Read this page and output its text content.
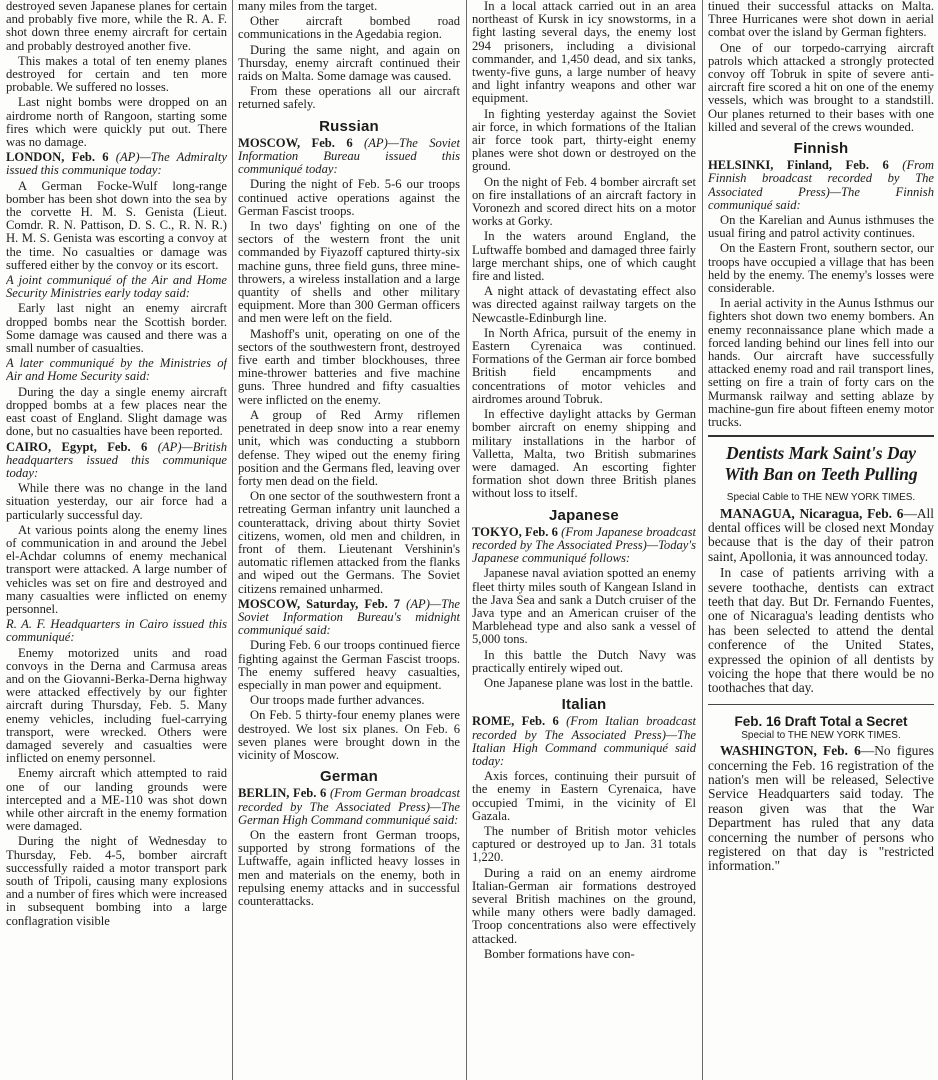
destroyed seven Japanese planes for certain and probably five more, while the R. A. F. shot down three enemy aircraft for certain and probably destroyed another five.

This makes a total of ten enemy planes destroyed for certain and ten more probable. We suffered no losses.

Last night bombs were dropped on an airdrome north of Rangoon, starting some fires which were quickly put out. There was no damage.

LONDON, Feb. 6 (AP)—The Admiralty issued this communique today:

A German Focke-Wulf long-range bomber has been shot down into the sea by the corvette H. M. S. Genista (Lieut. Comdr. R. N. Pattison, D. S. C., R. N. R.) H. M. S. Genista was escorting a convoy at the time. No casualties or damage was suffered either by the convoy or its escort.

A joint communiqué of the Air and Home Security Ministries early today said:

Early last night an enemy aircraft dropped bombs near the Scottish border. Some damage was caused and there was a small number of casualties.

A later communiqué by the Ministries of Air and Home Security said:

During the day a single enemy aircraft dropped bombs at a few places near the east coast of England. Slight damage was done, but no casualties have been reported.

CAIRO, Egypt, Feb. 6 (AP)—British headquarters issued this communique today:

While there was no change in the land situation yesterday, our air force had a particularly successful day.

At various points along the enemy lines of communication in and around the Jebel el-Achdar columns of enemy mechanical transport were attacked. A large number of vehicles was set on fire and destroyed and many casualties were inflicted on enemy personnel.

R. A. F. Headquarters in Cairo issued this communiqué:

Enemy motorized units and road convoys in the Derna and Carmusa areas and on the Giovanni-Berka-Derna highway were attacked effectively by our fighter aircraft during Thursday, Feb. 5. Many enemy vehicles, including fuel-carrying transport, were wrecked. Others were damaged severely and casualties were inflicted on enemy personnel.

Enemy aircraft which attempted to raid one of our landing grounds were intercepted and a ME-110 was shot down while other aircraft in the enemy formation were damaged.

During the night of Wednesday to Thursday, Feb. 4-5, bomber aircraft successfully raided a motor transport park south of Tripoli, causing many explosions and a number of fires which were increased in subsequent bombing into a large conflagration visible

many miles from the target.

Other aircraft bombed road communications in the Agedabia region.

During the same night, and again on Thursday, enemy aircraft continued their raids on Malta. Some damage was caused.

From these operations all our aircraft returned safely.

Russian

MOSCOW, Feb. 6 (AP)—The Soviet Information Bureau issued this communiqué today:

During the night of Feb. 5-6 our troops continued active operations against the German Fascist troops.

In two days' fighting on one of the sectors of the western front the unit commanded by Fiyazoff captured thirty-six machine guns, three field guns, three mine-throwers, a wireless installation and a large quantity of shells and other military equipment. More than 300 German officers and men were left on the field.

Mashoff's unit, operating on one of the sectors of the southwestern front, destroyed five earth and timber blockhouses, three mine-thrower batteries and five machine guns. Three hundred and fifty casualties were inflicted on the enemy.

A group of Red Army riflemen penetrated in deep snow into a rear enemy unit, which was conducting a stubborn defense. They wiped out the enemy firing position and the Germans fled, leaving over forty men dead on the field.

On one sector of the southwestern front a retreating German infantry unit launched a counterattack, driving about thirty Soviet citizens, women, old men and children, in front of them. Lieutenant Vershinin's automatic riflemen attacked from the flanks and wiped out the Germans. The Soviet citizens remained unharmed.

MOSCOW, Saturday, Feb. 7 (AP)—The Soviet Information Bureau's midnight communiqué said:

During Feb. 6 our troops continued fierce fighting against the German Fascist troops. The enemy suffered heavy casualties, especially in man power and equipment.

Our troops made further advances.

On Feb. 5 thirty-four enemy planes were destroyed. We lost six planes. On Feb. 6 seven planes were brought down in the vicinity of Moscow.

German

BERLIN, Feb. 6 (From German broadcast recorded by The Associated Press)—The German High Command communiqué said:

On the eastern front German troops, supported by strong formations of the Luftwaffe, again inflicted heavy losses in men and materials on the enemy, both in repulsing enemy attacks and in successful counterattacks.

In a local attack carried out in an area northeast of Kursk in icy snowstorms, in a fight lasting several days, the enemy lost 294 prisoners, including a divisional commander, and 1,450 dead, and six tanks, twenty-five guns, a large number of heavy and light infantry weapons and other war equipment.

In fighting yesterday against the Soviet air force, in which formations of the Italian air force took part, thirty-eight enemy planes were shot down or destroyed on the ground.

On the night of Feb. 4 bomber aircraft set on fire installations of an aircraft factory in Voronezh and scored direct hits on a motor works at Gorky.

In the waters around England, the Luftwaffe bombed and damaged three fairly large merchant ships, one of which caught fire and listed.

A night attack of devastating effect also was directed against railway targets on the Newcastle-Edinburgh line.

In North Africa, pursuit of the enemy in Eastern Cyrenaica was continued. Formations of the German air force bombed British field encampments and concentrations of motor vehicles and airdromes around Tobruk.

In effective daylight attacks by German bomber aircraft on enemy shipping and military installations in the harbor of Valletta, Malta, two British submarines were damaged. An escorting fighter formation shot down three British planes without loss to itself.

Japanese

TOKYO, Feb. 6 (From Japanese broadcast recorded by The Associated Press)—Today's Japanese communiqué follows:

Japanese naval aviation spotted an enemy fleet thirty miles south of Kangean Island in the Java Sea and sank a Dutch cruiser of the Java type and an American cruiser of the Marblehead type and also sank a vessel of 5,000 tons.

In this battle the Dutch Navy was practically entirely wiped out.

One Japanese plane was lost in the battle.

Italian

ROME, Feb. 6 (From Italian broadcast recorded by The Associated Press)—The Italian High Command communiqué said today:

Axis forces, continuing their pursuit of the enemy in Eastern Cyrenaica, have occupied Tmimi, in the vicinity of El Gazala.

The number of British motor vehicles captured or destroyed up to Jan. 31 totals 1,220.

During a raid on an enemy airdrome Italian-German air formations destroyed several British machines on the ground, while many others were badly damaged. Troop concentrations also were effectively attacked.

Bomber formations have con-

tinued their successful attacks on Malta. Three Hurricanes were shot down in aerial combat over the island by German fighters.

One of our torpedo-carrying aircraft patrols which attacked a strongly protected convoy off Tobruk in spite of severe anti-aircraft fire scored a hit on one of the enemy vessels, which was brought to a standstill. Our planes returned to their bases with one killed and several of the crews wounded.

Finnish

HELSINKI, Finland, Feb. 6 (From Finnish broadcast recorded by The Associated Press)—The Finnish communiqué said:

On the Karelian and Aunus isthmuses the usual firing and patrol activity continues.

On the Eastern Front, southern sector, our troops have occupied a village that has been held by the enemy. The enemy's losses were considerable.

In aerial activity in the Aunus Isthmus our fighters shot down two enemy bombers. An enemy reconnaissance plane which made a forced landing behind our lines fell into our hands. Our aircraft have successfully attacked enemy road and rail transport lines, setting on fire a train of forty cars on the Murmansk railway and setting ablaze by machine-gun fire about fifteen enemy motor trucks.

Dentists Mark Saint's Day With Ban on Teeth Pulling
Special Cable to THE NEW YORK TIMES.

MANAGUA, Nicaragua, Feb. 6—All dental offices will be closed next Monday because that is the day of their patron saint, Apollonia, it was announced today.

In case of patients arriving with a severe toothache, dentists can extract teeth that day. But Dr. Fernando Fuentes, one of Nicaragua's leading dentists who has been selected to attend the dental conference of the United States, expressed the opinion of all dentists by voicing the hope that there would be no toothaches that day.

Feb. 16 Draft Total a Secret
Special to THE NEW YORK TIMES.

WASHINGTON, Feb. 6—No figures concerning the Feb. 16 registration of the nation's men will be released, Selective Service Headquarters said today. The reason given was that the War Department has ruled that any data concerning the number of persons who registered on that day is "restricted information."
